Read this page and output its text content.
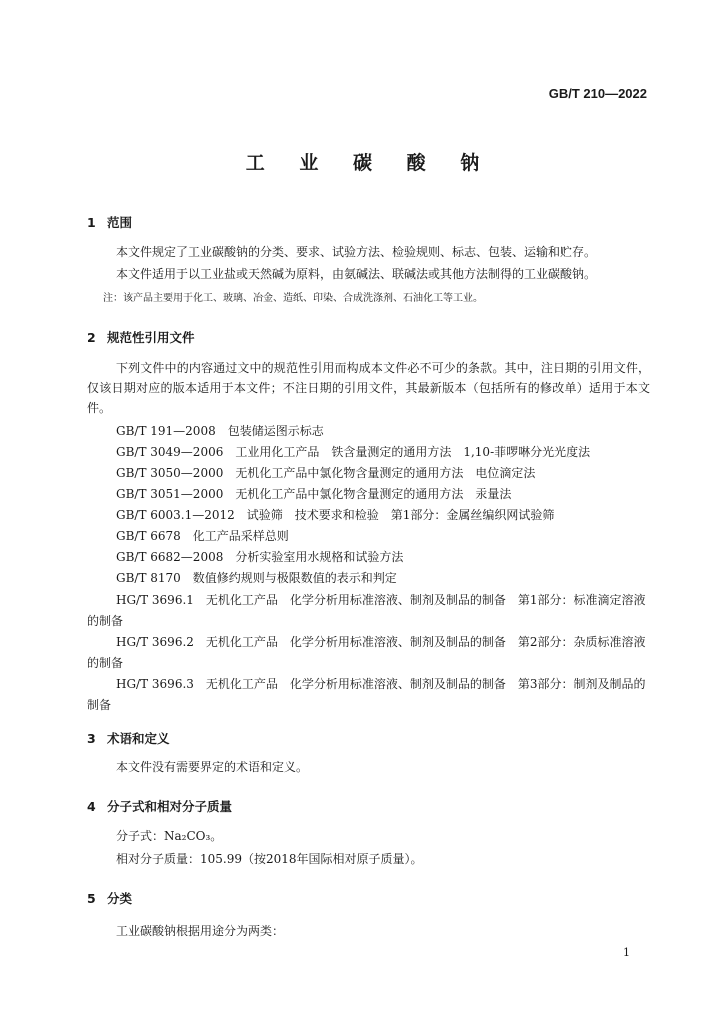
GB/T 210—2022
工 业 碳 酸 钠
1 范围
本文件规定了工业碳酸钠的分类、要求、试验方法、检验规则、标志、包装、运输和贮存。
本文件适用于以工业盐或天然碱为原料，由氨碱法、联碱法或其他方法制得的工业碳酸钠。
注：该产品主要用于化工、玻璃、冶金、造纸、印染、合成洗涤剂、石油化工等工业。
2 规范性引用文件
下列文件中的内容通过文中的规范性引用而构成本文件必不可少的条款。其中，注日期的引用文件，仅该日期对应的版本适用于本文件；不注日期的引用文件，其最新版本（包括所有的修改单）适用于本文件。
GB/T 191—2008　包装储运图示标志
GB/T 3049—2006　工业用化工产品　铁含量测定的通用方法　1,10-菲啰啉分光光度法
GB/T 3050—2000　无机化工产品中氯化物含量测定的通用方法　电位滴定法
GB/T 3051—2000　无机化工产品中氯化物含量测定的通用方法　汞量法
GB/T 6003.1—2012　试验筛　技术要求和检验　第1部分：金属丝编织网试验筛
GB/T 6678　化工产品采样总则
GB/T 6682—2008　分析实验室用水规格和试验方法
GB/T 8170　数值修约规则与极限数值的表示和判定
HG/T 3696.1　无机化工产品　化学分析用标准溶液、制剂及制品的制备　第1部分：标准滴定溶液的制备
HG/T 3696.2　无机化工产品　化学分析用标准溶液、制剂及制品的制备　第2部分：杂质标准溶液的制备
HG/T 3696.3　无机化工产品　化学分析用标准溶液、制剂及制品的制备　第3部分：制剂及制品的制备
3 术语和定义
本文件没有需要界定的术语和定义。
4 分子式和相对分子质量
分子式：Na₂CO₃。
相对分子质量：105.99（按2018年国际相对原子质量）。
5 分类
工业碳酸钠根据用途分为两类：
1
